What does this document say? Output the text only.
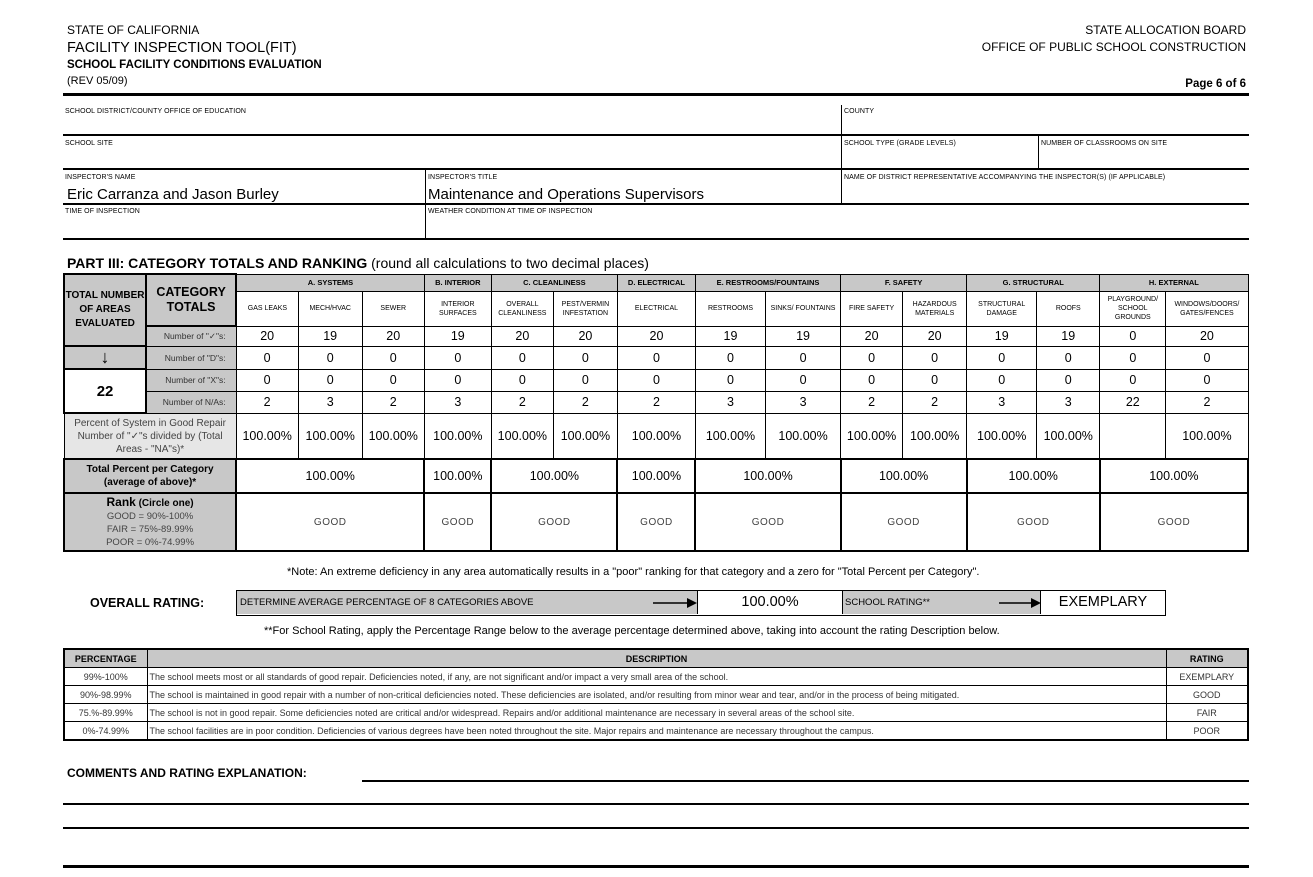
STATE OF CALIFORNIA
FACILITY INSPECTION TOOL(FIT)
SCHOOL FACILITY CONDITIONS EVALUATION
(REV 05/09)
STATE ALLOCATION BOARD
OFFICE OF PUBLIC SCHOOL CONSTRUCTION
Page 6 of 6
SCHOOL DISTRICT/COUNTY OFFICE OF EDUCATION	COUNTY
SCHOOL SITE	SCHOOL TYPE (GRADE LEVELS)	NUMBER OF CLASSROOMS ON SITE
INSPECTOR'S NAME
Eric Carranza and Jason Burley
INSPECTOR'S TITLE
Maintenance and Operations Supervisors
NAME OF DISTRICT REPRESENTATIVE ACCOMPANYING THE INSPECTOR(S) (IF APPLICABLE)
TIME OF INSPECTION	WEATHER CONDITION AT TIME OF INSPECTION
PART III: CATEGORY TOTALS AND RANKING (round all calculations to two decimal places)
TOTAL NUMBER OF AREAS EVALUATED	CATEGORY TOTALS	A. SYSTEMS			B. INTERIOR	C. CLEANLINESS		D. ELECTRICAL	E. RESTROOMS/FOUNTAINS		F. SAFETY		G. STRUCTURAL		H. EXTERNAL	
		GAS LEAKS	MECH/HVAC	SEWER	INTERIOR SURFACES	OVERALL CLEANLINESS	PEST/VERMIN INFESTATION	ELECTRICAL	RESTROOMS	SINKS/ FOUNTAINS	FIRE SAFETY	HAZARDOUS MATERIALS	STRUCTURAL DAMAGE	ROOFS	PLAYGROUND/ SCHOOL GROUNDS	WINDOWS/DOORS/ GATES/FENCES
	Number of "✓"s:	20	19	20	19	20	20	20	19	19	20	20	19	19	0	20
↓	Number of "D"s:	0	0	0	0	0	0	0	0	0	0	0	0	0	0	0
22	Number of "X"s:	0	0	0	0	0	0	0	0	0	0	0	0	0	0	0
	Number of N/As:	2	3	2	3	2	2	2	3	3	2	2	3	3	22	2
Percent of System in Good Repair Number of "✓"s divided by (Total Areas - "NA"s)*		100.00%	100.00%	100.00%	100.00%	100.00%	100.00%	100.00%	100.00%	100.00%	100.00%	100.00%	100.00%	100.00%		100.00%
Total Percent per Category (average of above)*		100.00%			100.00%	100.00%		100.00%	100.00%		100.00%		100.00%		100.00%	

Rank (Circle one)
GOOD = 90%-100%
FAIR = 75%-89.99%
POOR = 0%-74.99%		GOOD			GOOD	GOOD		GOOD	GOOD		GOOD		GOOD		GOOD	
*Note: An extreme deficiency in any area automatically results in a "poor" ranking for that category and a zero for "Total Percent per Category".
OVERALL RATING:	DETERMINE AVERAGE PERCENTAGE OF 8 CATEGORIES ABOVE	100.00%	SCHOOL RATING**	EXEMPLARY
**For School Rating, apply the Percentage Range below to the average percentage determined above, taking into account the rating Description below.
PERCENTAGE	DESCRIPTION	RATING
99%-100%	The school meets most or all standards of good repair. Deficiencies noted, if any, are not significant and/or impact a very small area of the school.	EXEMPLARY
90%-98.99%	The school is maintained in good repair with a number of non-critical deficiencies noted. These deficiencies are isolated, and/or resulting from minor wear and tear, and/or in the process of being mitigated.	GOOD
75.%-89.99%	The school is not in good repair. Some deficiencies noted are critical and/or widespread. Repairs and/or additional maintenance are necessary in several areas of the school site.	FAIR
0%-74.99%	The school facilities are in poor condition. Deficiencies of various degrees have been noted throughout the site. Major repairs and maintenance are necessary throughout the campus.	POOR
COMMENTS AND RATING EXPLANATION:
